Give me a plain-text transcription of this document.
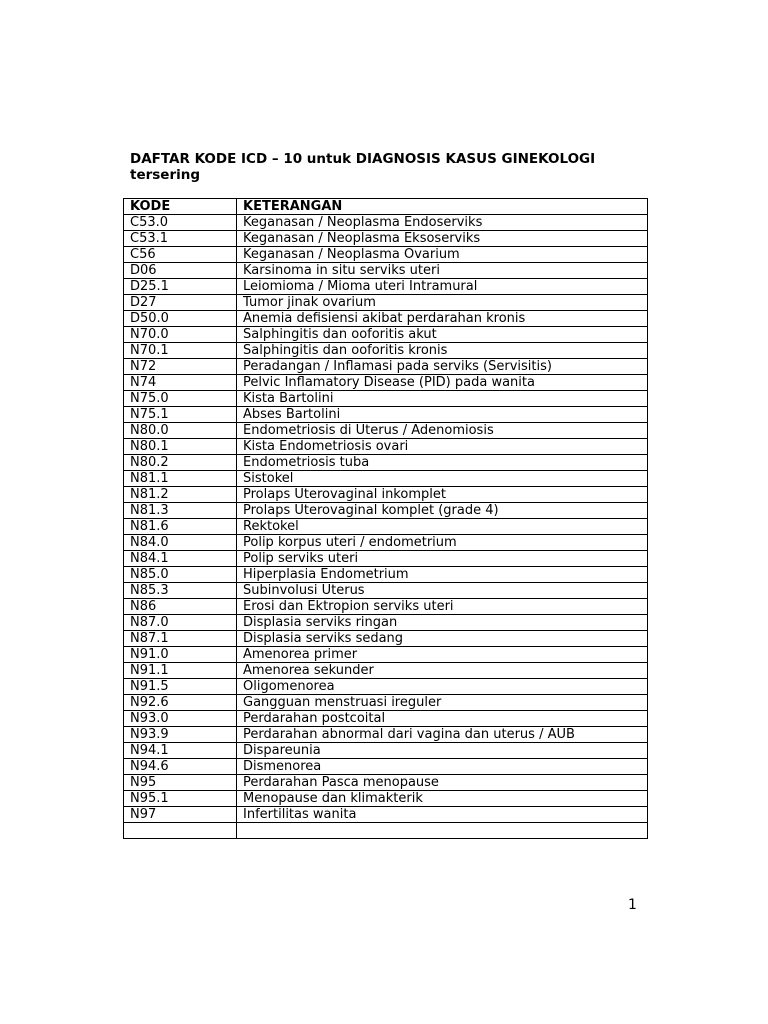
DAFTAR KODE ICD – 10 untuk DIAGNOSIS KASUS GINEKOLOGI tersering

KODE	KETERANGAN
C53.0	Keganasan / Neoplasma Endoserviks
C53.1	Keganasan / Neoplasma Eksoserviks
C56	Keganasan / Neoplasma Ovarium
D06	Karsinoma in situ serviks uteri
D25.1	Leiomioma / Mioma uteri Intramural
D27	Tumor jinak ovarium
D50.0	Anemia defisiensi akibat perdarahan kronis
N70.0	Salphingitis dan ooforitis akut
N70.1	Salphingitis dan ooforitis kronis
N72	Peradangan / Inflamasi pada serviks (Servisitis)
N74	Pelvic Inflamatory Disease (PID) pada wanita
N75.0	Kista Bartolini
N75.1	Abses Bartolini
N80.0	Endometriosis di Uterus / Adenomiosis
N80.1	Kista Endometriosis ovari
N80.2	Endometriosis tuba
N81.1	Sistokel
N81.2	Prolaps Uterovaginal inkomplet
N81.3	Prolaps Uterovaginal komplet (grade 4)
N81.6	Rektokel
N84.0	Polip korpus uteri / endometrium
N84.1	Polip serviks uteri
N85.0	Hiperplasia Endometrium
N85.3	Subinvolusi Uterus
N86	Erosi dan Ektropion serviks uteri
N87.0	Displasia serviks ringan
N87.1	Displasia serviks sedang
N91.0	Amenorea primer
N91.1	Amenorea sekunder
N91.5	Oligomenorea
N92.6	Gangguan menstruasi ireguler
N93.0	Perdarahan postcoital
N93.9	Perdarahan abnormal dari vagina dan uterus / AUB
N94.1	Dispareunia
N94.6	Dismenorea
N95	Perdarahan Pasca menopause
N95.1	Menopause dan klimakterik
N97	Infertilitas wanita

1
